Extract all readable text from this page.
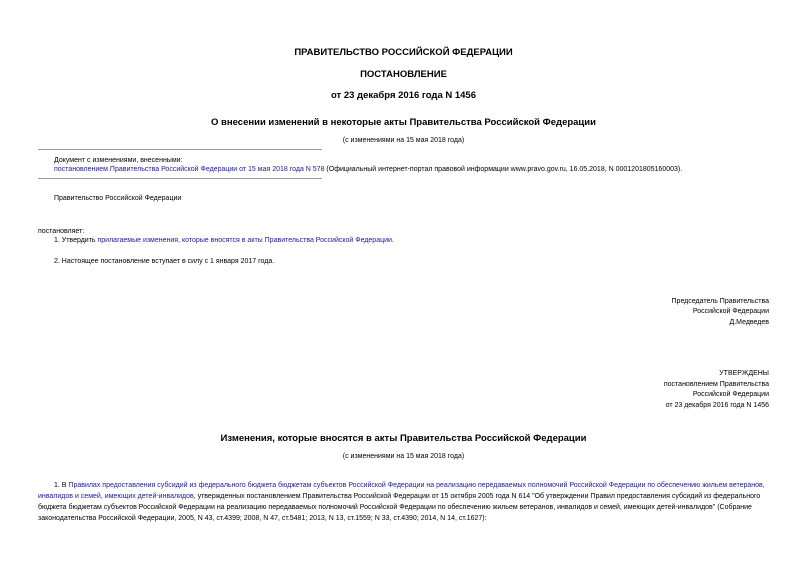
ПРАВИТЕЛЬСТВО РОССИЙСКОЙ ФЕДЕРАЦИИ
ПОСТАНОВЛЕНИЕ
от 23 декабря 2016 года N 1456
О внесении изменений в некоторые акты Правительства Российской Федерации
(с изменениями на 15 мая 2018 года)
Документ с изменениями, внесенными:
постановлением Правительства Российской Федерации от 15 мая 2018 года N 578 (Официальный интернет-портал правовой информации www.pravo.gov.ru, 16.05.2018, N 0001201805160003).
Правительство Российской Федерации
постановляет:
1. Утвердить прилагаемые изменения, которые вносятся в акты Правительства Российской Федерации.
2. Настоящее постановление вступает в силу с 1 января 2017 года.
Председатель Правительства
Российской Федерации
Д.Медведев
УТВЕРЖДЕНЫ
постановлением Правительства
Российской Федерации
от 23 декабря 2016 года N 1456
Изменения, которые вносятся в акты Правительства Российской Федерации
(с изменениями на 15 мая 2018 года)
1. В Правилах предоставления субсидий из федерального бюджета бюджетам субъектов Российской Федерации на реализацию передаваемых полномочий Российской Федерации по обеспечению жильем ветеранов, инвалидов и семей, имеющих детей-инвалидов, утвержденных постановлением Правительства Российской Федерации от 15 октября 2005 года N 614 "Об утверждении Правил предоставления субсидий из федерального бюджета бюджетам субъектов Российской Федерации на реализацию передаваемых полномочий Российской Федерации по обеспечению жильем ветеранов, инвалидов и семей, имеющих детей-инвалидов" (Собрание законодательства Российской Федерации, 2005, N 43, ст.4399; 2008, N 47, ст.5481; 2013, N 13, ст.1559; N 33, ст.4390; 2014, N 14, ст.1627):
